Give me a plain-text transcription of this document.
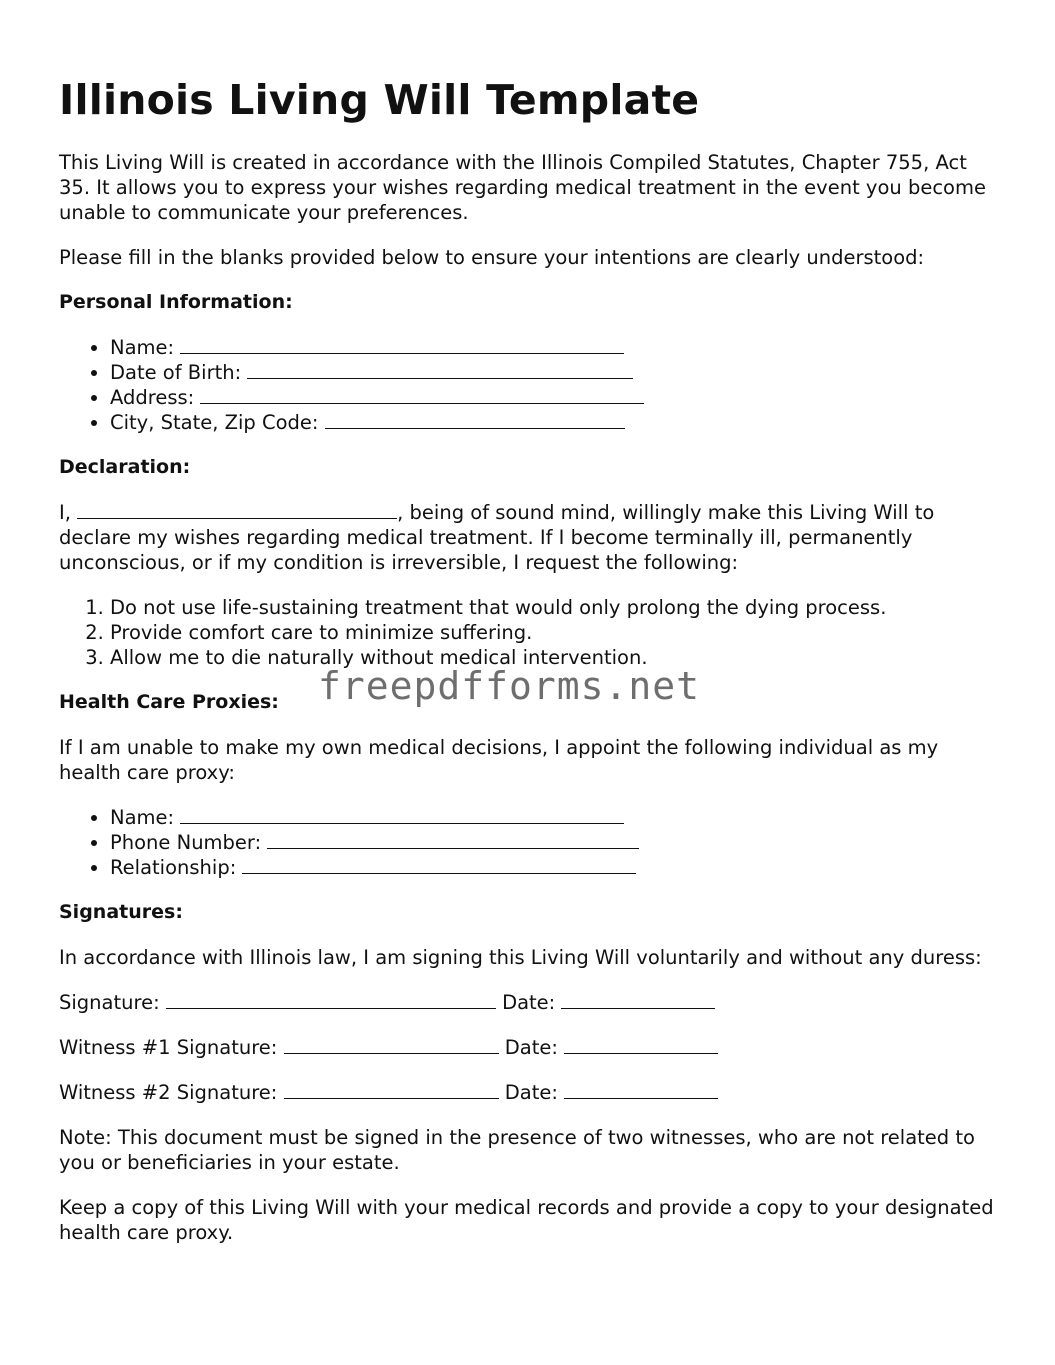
Illinois Living Will Template

This Living Will is created in accordance with the Illinois Compiled Statutes, Chapter 755, Act 35. It allows you to express your wishes regarding medical treatment in the event you become unable to communicate your preferences.

Please fill in the blanks provided below to ensure your intentions are clearly understood:

Personal Information:
• Name:
• Date of Birth:
• Address:
• City, State, Zip Code:
Declaration:

I,	, being of sound mind, willingly make this Living Will to declare my wishes regarding medical treatment. If I become terminally ill, permanently unconscious, or if my condition is irreversible, I request the following:

1. Do not use life-sustaining treatment that would only prolong the dying process.
2. Provide comfort care to minimize suffering.
3. Allow me to die naturally without medical intervention.
Health Care Proxies:

If I am unable to make my own medical decisions, I appoint the following individual as my health care proxy:

• Name:
• Phone Number:
• Relationship:
Signatures:

In accordance with Illinois law, I am signing this Living Will voluntarily and without any duress:

Signature:	Date:

Witness #1 Signature:	Date:

Witness #2 Signature:	Date:

Note: This document must be signed in the presence of two witnesses, who are not related to you or beneficiaries in your estate.

Keep a copy of this Living Will with your medical records and provide a copy to your designated health care proxy.

freepdfforms.net
